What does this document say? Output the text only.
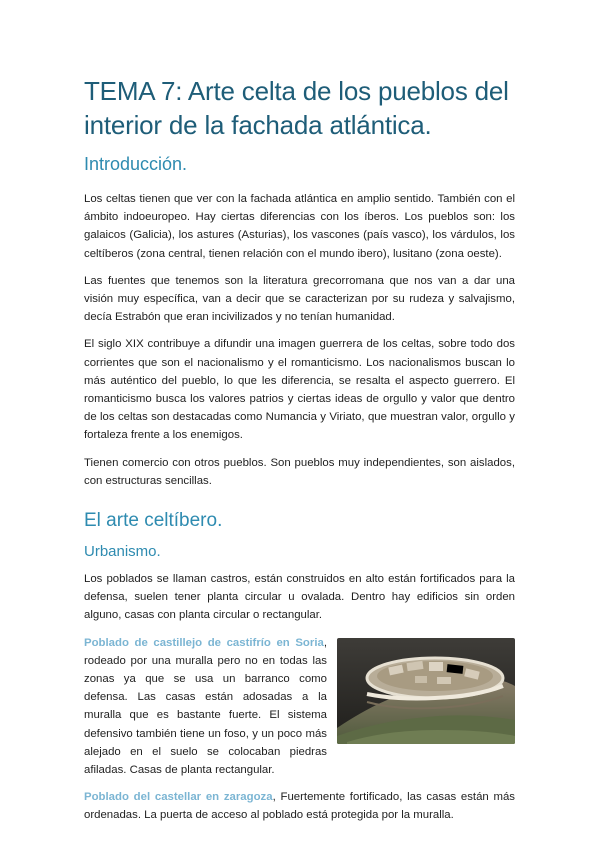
TEMA 7: Arte celta de los pueblos del interior de la fachada atlántica.
Introducción.

Los celtas tienen que ver con la fachada atlántica en amplio sentido. También con el ámbito indoeuropeo. Hay ciertas diferencias con los íberos. Los pueblos son: los galaicos (Galicia), los astures (Asturias), los vascones (país vasco), los várdulos, los celtíberos (zona central, tienen relación con el mundo ibero), lusitano (zona oeste).

Las fuentes que tenemos son la literatura grecorromana que nos van a dar una visión muy específica, van a decir que se caracterizan por su rudeza y salvajismo, decía Estrabón que eran incivilizados y no tenían humanidad.

El siglo XIX contribuye a difundir una imagen guerrera de los celtas, sobre todo dos corrientes que son el nacionalismo y el romanticismo. Los nacionalismos buscan lo más auténtico del pueblo, lo que les diferencia, se resalta el aspecto guerrero. El romanticismo busca los valores patrios y ciertas ideas de orgullo y valor que dentro de los celtas son destacadas como Numancia y Viriato, que muestran valor, orgullo y fortaleza frente a los enemigos.

Tienen comercio con otros pueblos. Son pueblos muy independientes, son aislados, con estructuras sencillas.

El arte celtíbero.
Urbanismo.

Los poblados se llaman castros, están construidos en alto están fortificados para la defensa, suelen tener planta circular u ovalada. Dentro hay edificios sin orden alguno, casas con planta circular o rectangular.

Poblado de castillejo de castifrío en Soria, rodeado por una muralla pero no en todas las zonas ya que se usa un barranco como defensa. Las casas están adosadas a la muralla que es bastante fuerte. El sistema defensivo también tiene un foso, y un poco más alejado en el suelo se colocaban piedras afiladas. Casas de planta rectangular.

Poblado del castellar en zaragoza, Fuertemente fortificado, las casas están más ordenadas. La puerta de acceso al poblado está protegida por la muralla.
